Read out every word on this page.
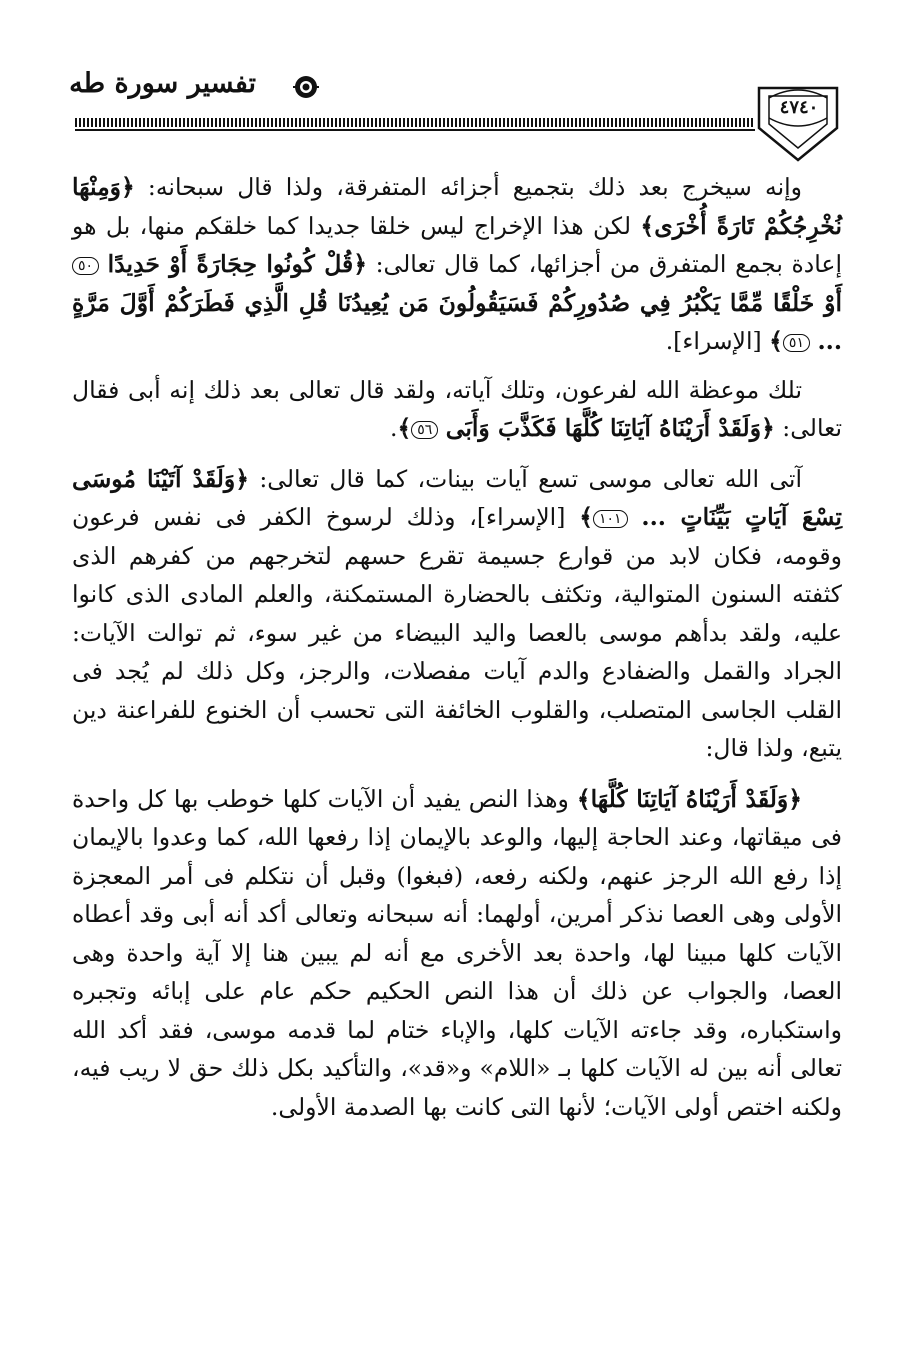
تفسير سورة طه
٤٧٤٠

وإنه سيخرج بعد ذلك بتجميع أجزائه المتفرقة، ولذا قال سبحانه: ﴿وَمِنْهَا نُخْرِجُكُمْ تَارَةً أُخْرَى﴾ لكن هذا الإخراج ليس خلقا جديدا كما خلقكم منها، بل هو إعادة بجمع المتفرق من أجزائها، كما قال تعالى: ﴿قُلْ كُونُوا حِجَارَةً أَوْ حَدِيدًا ٥٠ أَوْ خَلْقًا مِّمَّا يَكْبُرُ فِي صُدُورِكُمْ فَسَيَقُولُونَ مَن يُعِيدُنَا قُلِ الَّذِي فَطَرَكُمْ أَوَّلَ مَرَّةٍ ... ٥١﴾ [الإسراء].

تلك موعظة الله لفرعون، وتلك آياته، ولقد قال تعالى بعد ذلك إنه أبى فقال تعالى: ﴿وَلَقَدْ أَرَيْنَاهُ آيَاتِنَا كُلَّهَا فَكَذَّبَ وَأَبَى ٥٦﴾.

آتى الله تعالى موسى تسع آيات بينات، كما قال تعالى: ﴿وَلَقَدْ آتَيْنَا مُوسَى تِسْعَ آيَاتٍ بَيِّنَاتٍ ... ١٠١﴾ [الإسراء]، وذلك لرسوخ الكفر فى نفس فرعون وقومه، فكان لابد من قوارع جسيمة تقرع حسهم لتخرجهم من كفرهم الذى كثفته السنون المتوالية، وتكثف بالحضارة المستمكنة، والعلم المادى الذى كانوا عليه، ولقد بدأهم موسى بالعصا واليد البيضاء من غير سوء، ثم توالت الآيات: الجراد والقمل والضفادع والدم آيات مفصلات، والرجز، وكل ذلك لم يُجد فى القلب الجاسى المتصلب، والقلوب الخائفة التى تحسب أن الخنوع للفراعنة دين يتبع، ولذا قال:

﴿وَلَقَدْ أَرَيْنَاهُ آيَاتِنَا كُلَّهَا﴾ وهذا النص يفيد أن الآيات كلها خوطب بها كل واحدة فى ميقاتها، وعند الحاجة إليها، والوعد بالإيمان إذا رفعها الله، كما وعدوا بالإيمان إذا رفع الله الرجز عنهم، ولكنه رفعه، (فبغوا) وقبل أن نتكلم فى أمر المعجزة الأولى وهى العصا نذكر أمرين، أولهما: أنه سبحانه وتعالى أكد أنه أبى وقد أعطاه الآيات كلها مبينا لها، واحدة بعد الأخرى مع أنه لم يبين هنا إلا آية واحدة وهى العصا، والجواب عن ذلك أن هذا النص الحكيم حكم عام على إبائه وتجبره واستكباره، وقد جاءته الآيات كلها، والإباء ختام لما قدمه موسى، فقد أكد الله تعالى أنه بين له الآيات كلها بـ «اللام» و«قد»، والتأكيد بكل ذلك حق لا ريب فيه، ولكنه اختص أولى الآيات؛ لأنها التى كانت بها الصدمة الأولى.
